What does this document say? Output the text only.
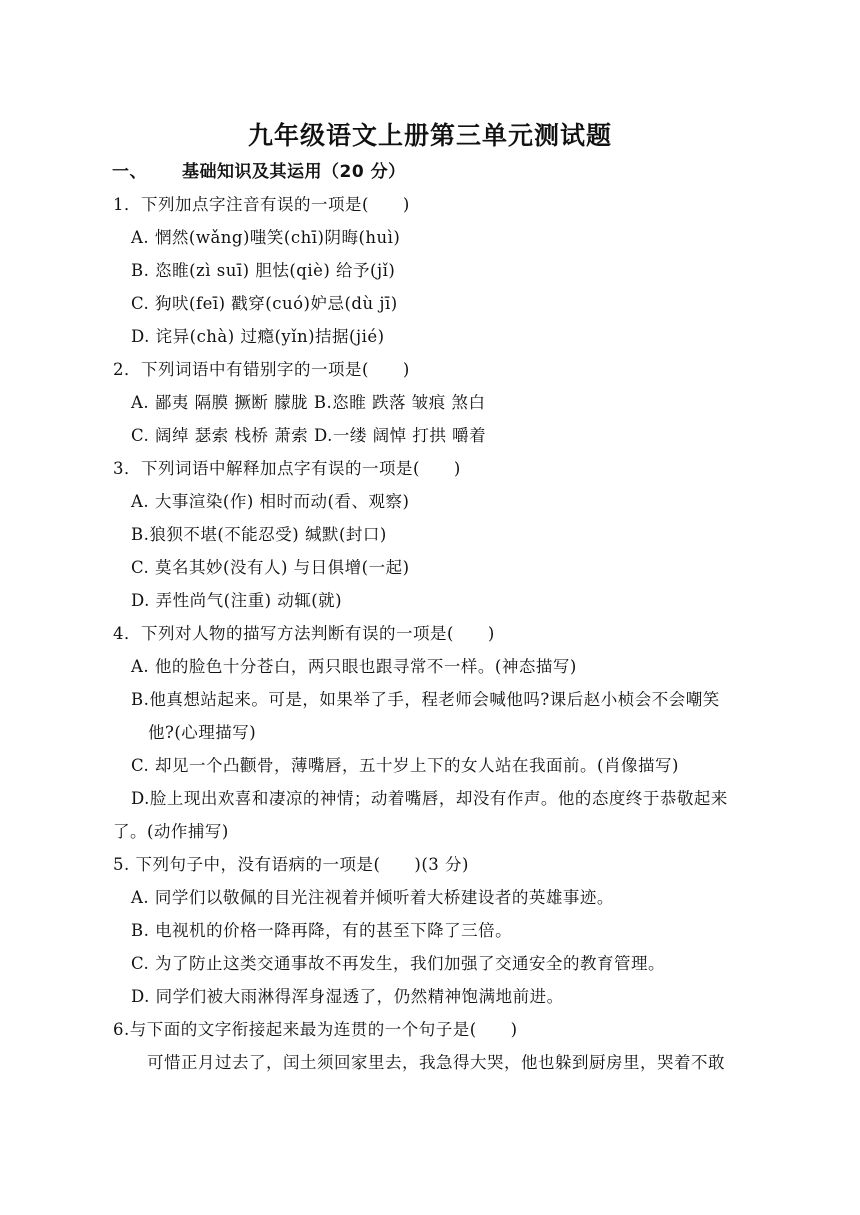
九年级语文上册第三单元测试题
一、 基础知识及其运用（20 分）
1．下列加点字注音有误的一项是(　　)
A. 惘然(wǎng)嗤笑(chī)阴晦(huì)
B. 恣睢(zì suī) 胆怯(qiè) 给予(jǐ)
C. 狗吠(feī) 戳穿(cuó)妒忌(dù jī)
D. 诧异(chà) 过瘾(yǐn)拮据(jié)
2．下列词语中有错别字的一项是(　　)
A. 鄙夷 隔膜 撅断 朦胧 B.恣睢 跌落 皱痕 煞白
C. 阔绰 瑟索 栈桥 萧索 D.一缕 阔悼 打拱 嚼着
3．下列词语中解释加点字有误的一项是(　　)
A. 大事渲染(作) 相时而动(看、观察)
B.狼狈不堪(不能忍受) 缄默(封口)
C. 莫名其妙(没有人) 与日俱增(一起)
D. 弄性尚气(注重) 动辄(就)
4．下列对人物的描写方法判断有误的一项是(　　)
A. 他的脸色十分苍白，两只眼也跟寻常不一样。(神态描写)
B.他真想站起来。可是，如果举了手，程老师会喊他吗?课后赵小桢会不会嘲笑
他?(心理描写)
C. 却见一个凸颧骨，薄嘴唇，五十岁上下的女人站在我面前。(肖像描写)
D.脸上现出欢喜和凄凉的神情；动着嘴唇，却没有作声。他的态度终于恭敬起来
了。(动作捕写)
5. 下列句子中，没有语病的一项是(　　)(3 分)
A. 同学们以敬佩的目光注视着并倾听着大桥建设者的英雄事迹。
B. 电视机的价格一降再降，有的甚至下降了三倍。
C. 为了防止这类交通事故不再发生，我们加强了交通安全的教育管理。
D. 同学们被大雨淋得浑身湿透了，仍然精神饱满地前进。
6.与下面的文字衔接起来最为连贯的一个句子是(　　)
可惜正月过去了，闰土须回家里去，我急得大哭，他也躲到厨房里，哭着不敢
